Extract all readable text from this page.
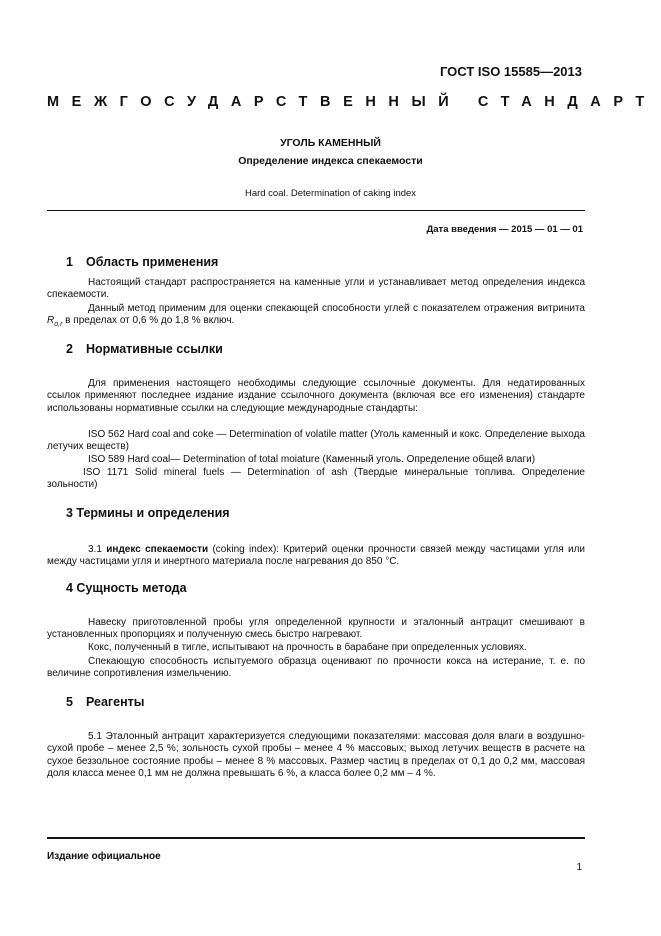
ГОСТ ISO 15585—2013
МЕЖГОСУДАРСТВЕННЫЙ СТАНДАРТ
УГОЛЬ КАМЕННЫЙ
Определение индекса спекаемости
Hard coal. Determination of caking index
Дата введения — 2015 — 01 — 01
1 Область применения
Настоящий стандарт распространяется на каменные угли и устанавливает метод определения индекса спекаемости.
Данный метод применим для оценки спекающей способности углей с показателем отражения витринита $R_{o,r}$ в пределах от 0,6 % до 1,8 % включ.
2 Нормативные ссылки
Для применения настоящего необходимы следующие ссылочные документы. Для недатированных ссылок применяют последнее издание издание ссылочного документа (включая все его изменения) стандарте использованы нормативные ссылки на следующие международные стандарты:
ISO 562 Hard coal and coke — Determination of volatile matter (Уголь каменный и кокс. Определение выхода летучих веществ)
ISO 589 Hard coal— Determination of total moiature (Каменный уголь. Определение общей влаги)
ISO 1171 Solid mineral fuels — Determination of ash (Твердые минеральные топлива. Определение зольности)
3 Термины и определения
3.1 индекс спекаемости (coking index): Критерий оценки прочности связей между частицами угля или между частицами угля и инертного материала после нагревания до 850 °С.
4 Сущность метода
Навеску приготовленной пробы угля определенной крупности и эталонный антрацит смешивают в установленных пропорциях и полученную смесь быстро нагревают.
Кокс, полученный в тигле, испытывают на прочность в барабане при определенных условиях.
Спекающую способность испытуемого образца оценивают по прочности кокса на истерание, т. е. по величине сопротивления измельчению.
5 Реагенты
5.1 Эталонный антрацит характеризуется следующими показателями: массовая доля влаги в воздушно-сухой пробе – менее 2,5 %; зольность сухой пробы – менее 4 % массовых; выход летучих веществ в расчете на сухое беззольное состояние пробы – менее 8 % массовых. Размер частиц в пределах от 0,1 до 0,2 мм, массовая доля класса менее 0,1 мм не должна превышать 6 %, а класса более 0,2 мм – 4 %.
Издание официальное
1
